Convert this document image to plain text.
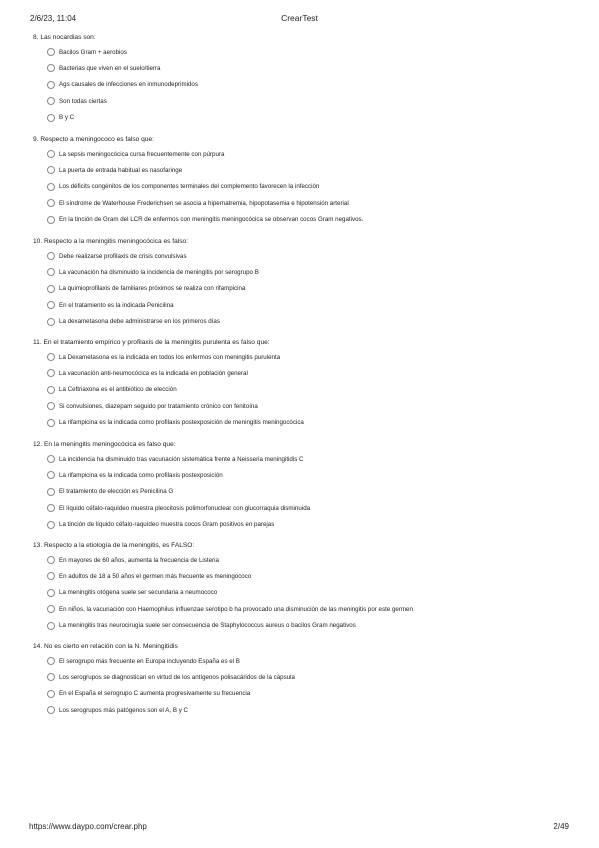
2/6/23, 11:04	CrearTest
8. Las nocardias son:
Bacilos Gram + aerobios
Bacterias que viven en el suelo/tierra
Ags causales de infecciones en inmunodeprimidos
Son todas ciertas
B y C
9. Respecto a meningococo es falso que:
La sepsis meningocócica cursa frecuentemente con púrpura
La puerta de entrada habitual es nasofaringe
Los déficits congénitos de los componentes terminales del complemento favorecen la infección
El síndrome de Waterhouse Frederichsen se asocia a hipernatremia, hipopotasemia e hipotensión arterial
En la tinción de Gram del LCR de enfermos con meningitis meningocócica se observan cocos Gram negativos.
10. Respecto a la meningitis meningocócica es falso:
Debe realizarse profilaxis de crisis convulsivas
La vacunación ha disminuido la incidencia de meningitis por serogrupo B
La quimioprofilaxis de familiares próximos se realiza con rifampicina
En el tratamiento es la indicada Penicilina
La dexametasona debe administrarse en los primeros días
11. En el tratamiento empírico y profilaxis de la meningitis purulenta es falso que:
La Dexametasona es la indicada en todos los enfermos con meningitis purulenta
La vacunación anti-neumocócica es la indicada en población general
La Ceftriaxona es el antibiótico de elección
Si convulsiones, diazepam seguido por tratamiento crónico con fenitoína
La rifampicina es la indicada como profilaxis postexposición de meningitis meningocócica
12. En la meningitis meningocócica es falso que:
La incidencia ha disminuido tras vacunación sistemática frente a Neisseria meningitidis C
La rifampicina es la indicada como profilaxis postexposición
El tratamiento de elección es Penicilina G
El líquido céfalo-raquídeo muestra pleocitosis polimorfonuclear con glucorraquia disminuida
La tinción de líquido céfalo-raquídeo muestra cocos Gram positivos en parejas
13. Respecto a la etiología de la meningitis, es FALSO:
En mayores de 60 años, aumenta la frecuencia de Listeria
En adultos de 18 a 50 años el germen más frecuente es meningococo
La meningitis otógena suele ser secundaria a neumococo
En niños, la vacunación con Haemophilus influenzae serotipo b ha provocado una disminución de las meningitis por este germen
La meningitis tras neurocirugía suele ser consecuencia de Staphylococcus aureus o bacilos Gram negativos
14. No es cierto en relación con la N. Meningitidis
El serogrupo más frecuente en Europa incluyendo España es el B
Los serogrupos se diagnostican en virtud de los antígenos polisacáridos de la cápsula
En el España el serogrupo C aumenta progresivamente su frecuencia
Los serogrupos más patógenos son el A, B y C
https://www.daypo.com/crear.php	2/49
